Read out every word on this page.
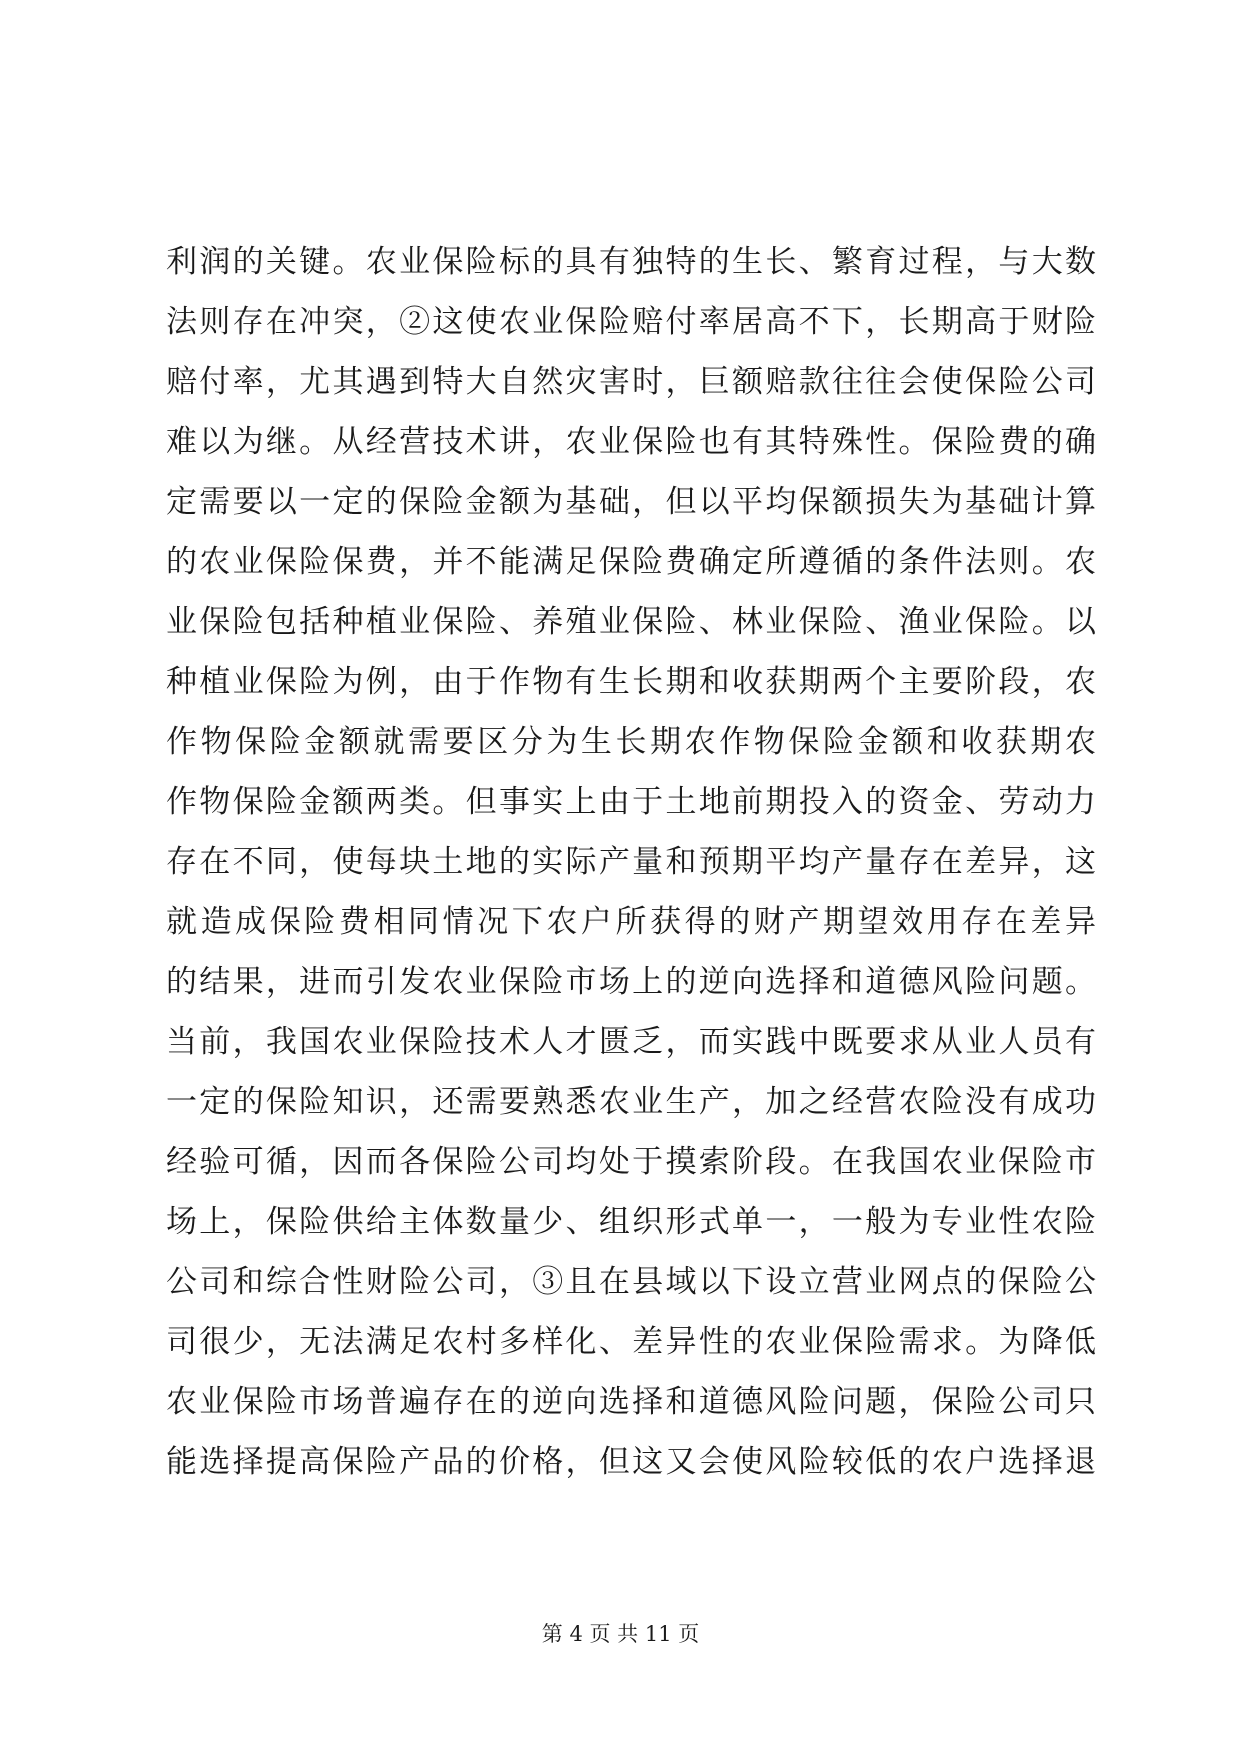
利润的关键。农业保险标的具有独特的生长、繁育过程，与大数
法则存在冲突，②这使农业保险赔付率居高不下，长期高于财险
赔付率，尤其遇到特大自然灾害时，巨额赔款往往会使保险公司
难以为继。从经营技术讲，农业保险也有其特殊性。保险费的确
定需要以一定的保险金额为基础，但以平均保额损失为基础计算
的农业保险保费，并不能满足保险费确定所遵循的条件法则。农
业保险包括种植业保险、养殖业保险、林业保险、渔业保险。以
种植业保险为例，由于作物有生长期和收获期两个主要阶段，农
作物保险金额就需要区分为生长期农作物保险金额和收获期农
作物保险金额两类。但事实上由于土地前期投入的资金、劳动力
存在不同，使每块土地的实际产量和预期平均产量存在差异，这
就造成保险费相同情况下农户所获得的财产期望效用存在差异
的结果，进而引发农业保险市场上的逆向选择和道德风险问题。
当前，我国农业保险技术人才匮乏，而实践中既要求从业人员有
一定的保险知识，还需要熟悉农业生产，加之经营农险没有成功
经验可循，因而各保险公司均处于摸索阶段。在我国农业保险市
场上，保险供给主体数量少、组织形式单一，一般为专业性农险
公司和综合性财险公司，③且在县域以下设立营业网点的保险公
司很少，无法满足农村多样化、差异性的农业保险需求。为降低
农业保险市场普遍存在的逆向选择和道德风险问题，保险公司只
能选择提高保险产品的价格，但这又会使风险较低的农户选择退
第 4 页 共 11 页
